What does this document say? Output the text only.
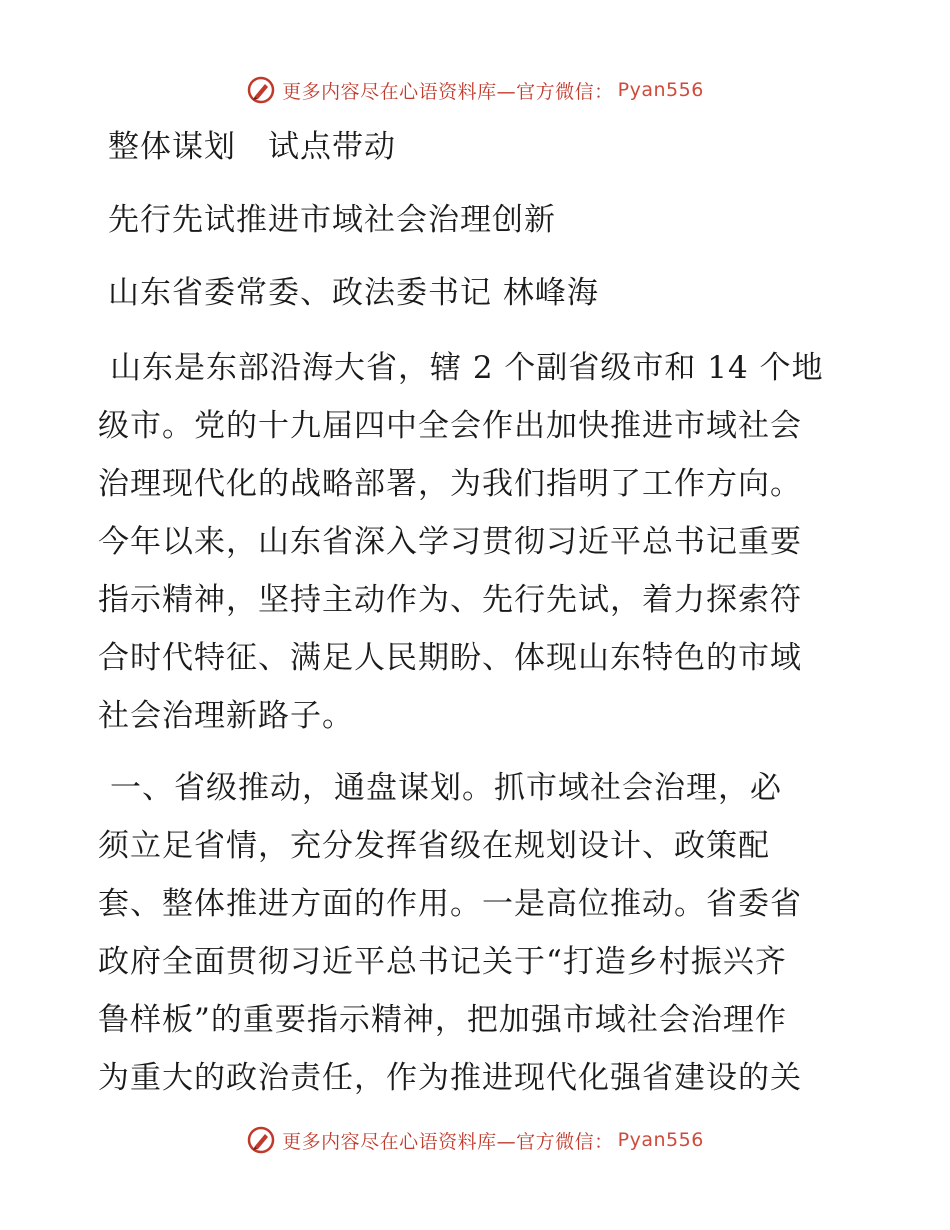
更多内容尽在心语资料库—官方微信： Pyan556
整体谋划　试点带动
先行先试推进市域社会治理创新
山东省委常委、政法委书记 林峰海
山东是东部沿海大省，辖 2 个副省级市和 14 个地
级市。党的十九届四中全会作出加快推进市域社会
治理现代化的战略部署，为我们指明了工作方向。
今年以来，山东省深入学习贯彻习近平总书记重要
指示精神，坚持主动作为、先行先试，着力探索符
合时代特征、满足人民期盼、体现山东特色的市域
社会治理新路子。
一、省级推动，通盘谋划。抓市域社会治理，必
须立足省情，充分发挥省级在规划设计、政策配
套、整体推进方面的作用。一是高位推动。省委省
政府全面贯彻习近平总书记关于“打造乡村振兴齐
鲁样板”的重要指示精神，把加强市域社会治理作
为重大的政治责任，作为推进现代化强省建设的关
更多内容尽在心语资料库—官方微信： Pyan556
